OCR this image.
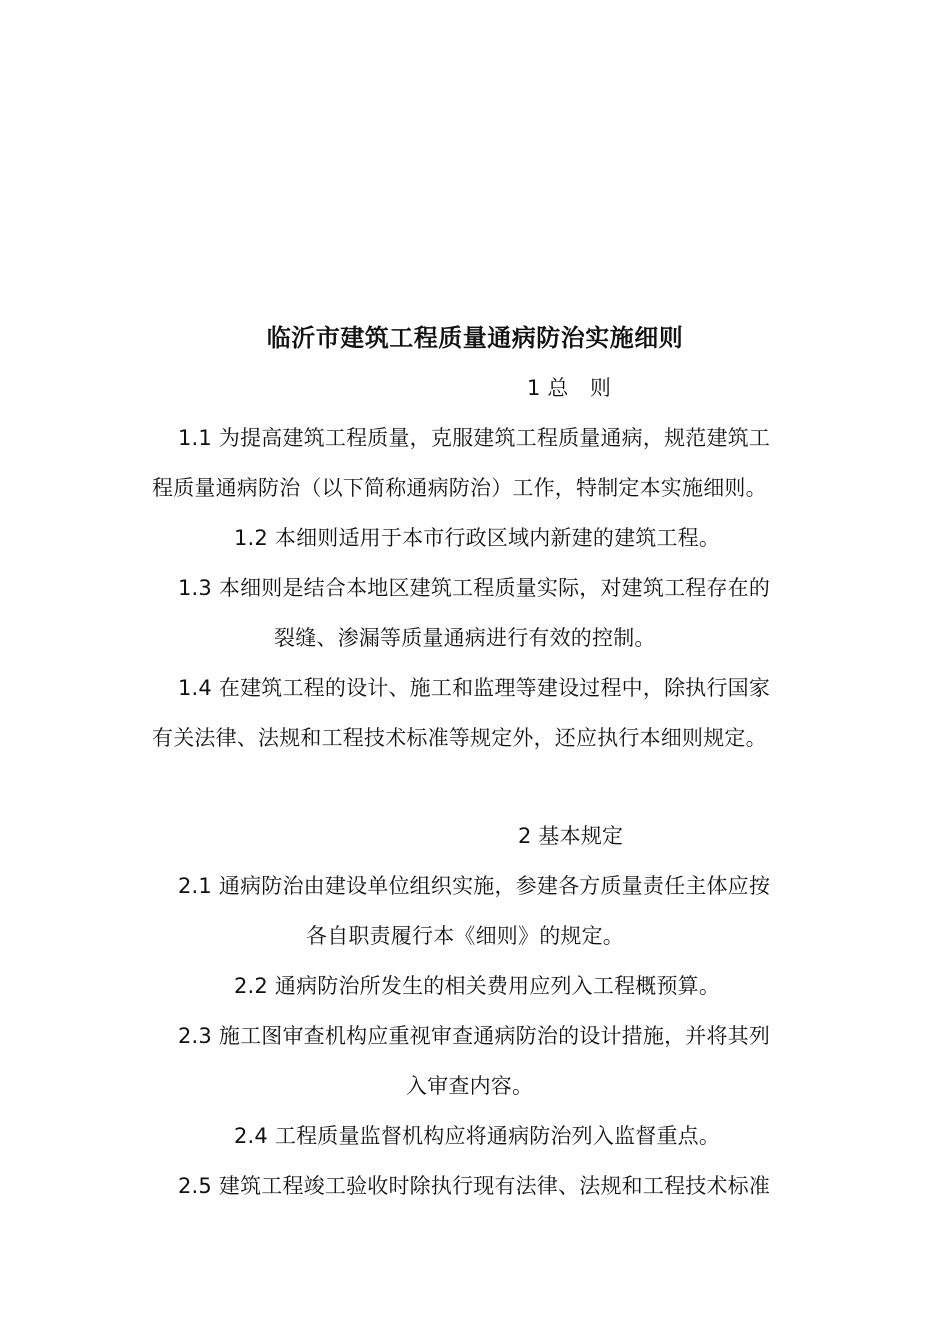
临沂市建筑工程质量通病防治实施细则
1 总　则
1.1 为提高建筑工程质量，克服建筑工程质量通病，规范建筑工
程质量通病防治（以下简称通病防治）工作，特制定本实施细则。
1.2 本细则适用于本市行政区域内新建的建筑工程。
1.3 本细则是结合本地区建筑工程质量实际，对建筑工程存在的
裂缝、渗漏等质量通病进行有效的控制。
1.4 在建筑工程的设计、施工和监理等建设过程中，除执行国家
有关法律、法规和工程技术标准等规定外，还应执行本细则规定。
2 基本规定
2.1 通病防治由建设单位组织实施，参建各方质量责任主体应按
各自职责履行本《细则》的规定。
2.2 通病防治所发生的相关费用应列入工程概预算。
2.3 施工图审查机构应重视审查通病防治的设计措施，并将其列
入审查内容。
2.4 工程质量监督机构应将通病防治列入监督重点。
2.5 建筑工程竣工验收时除执行现有法律、法规和工程技术标准
